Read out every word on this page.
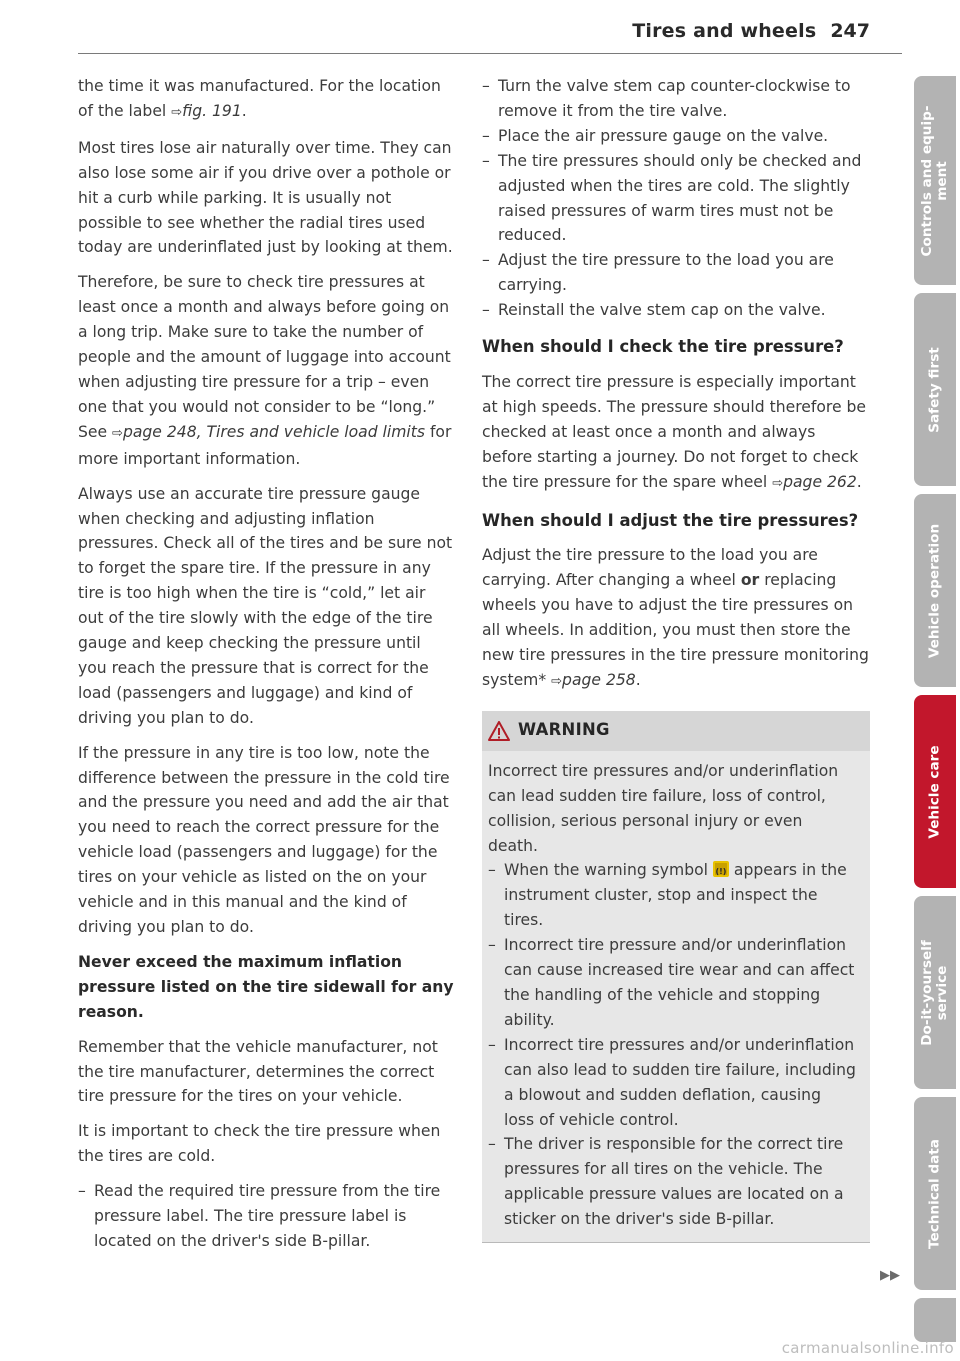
Tires and wheels 247

the time it was manufactured. For the location of the label ⇨fig. 191.

Most tires lose air naturally over time. They can also lose some air if you drive over a pothole or hit a curb while parking. It is usually not possible to see whether the radial tires used today are underinflated just by looking at them.

Therefore, be sure to check tire pressures at least once a month and always before going on a long trip. Make sure to take the number of people and the amount of luggage into account when adjusting tire pressure for a trip – even one that you would not consider to be “long.” See ⇨page 248, Tires and vehicle load limits for more important information.

Always use an accurate tire pressure gauge when checking and adjusting inflation pressures. Check all of the tires and be sure not to forget the spare tire. If the pressure in any tire is too high when the tire is “cold,” let air out of the tire slowly with the edge of the tire gauge and keep checking the pressure until you reach the pressure that is correct for the load (passengers and luggage) and kind of driving you plan to do.

If the pressure in any tire is too low, note the difference between the pressure in the cold tire and the pressure you need and add the air that you need to reach the correct pressure for the vehicle load (passengers and luggage) for the tires on your vehicle as listed on the on your vehicle and in this manual and the kind of driving you plan to do.

Never exceed the maximum inflation pressure listed on the tire sidewall for any reason.

Remember that the vehicle manufacturer, not the tire manufacturer, determines the correct tire pressure for the tires on your vehicle.

It is important to check the tire pressure when the tires are cold.

– Read the required tire pressure from the tire pressure label. The tire pressure label is located on the driver's side B-pillar.

– Turn the valve stem cap counter-clockwise to remove it from the tire valve.

– Place the air pressure gauge on the valve.

– The tire pressures should only be checked and adjusted when the tires are cold. The slightly raised pressures of warm tires must not be reduced.

– Adjust the tire pressure to the load you are carrying.

– Reinstall the valve stem cap on the valve.

When should I check the tire pressure?

The correct tire pressure is especially important at high speeds. The pressure should therefore be checked at least once a month and always before starting a journey. Do not forget to check the tire pressure for the spare wheel ⇨page 262.

When should I adjust the tire pressures?

Adjust the tire pressure to the load you are carrying. After changing a wheel or replacing wheels you have to adjust the tire pressures on all wheels. In addition, you must then store the new tire pressures in the tire pressure monitoring system* ⇨page 258.

WARNING

Incorrect tire pressures and/or underinflation can lead sudden tire failure, loss of control, collision, serious personal injury or even death.

– When the warning symbol (!) appears in the instrument cluster, stop and inspect the tires.

– Incorrect tire pressure and/or underinflation can cause increased tire wear and can affect the handling of the vehicle and stopping ability.

– Incorrect tire pressures and/or underinflation can also lead to sudden tire failure, including a blowout and sudden deflation, causing loss of vehicle control.

– The driver is responsible for the correct tire pressures for all tires on the vehicle. The applicable pressure values are located on a sticker on the driver's side B-pillar.

▶▶
Controls and equip-
ment
Safety first
Vehicle operation
Vehicle care
Do-it-yourself
service
Technical data
carmanualsonline.info
